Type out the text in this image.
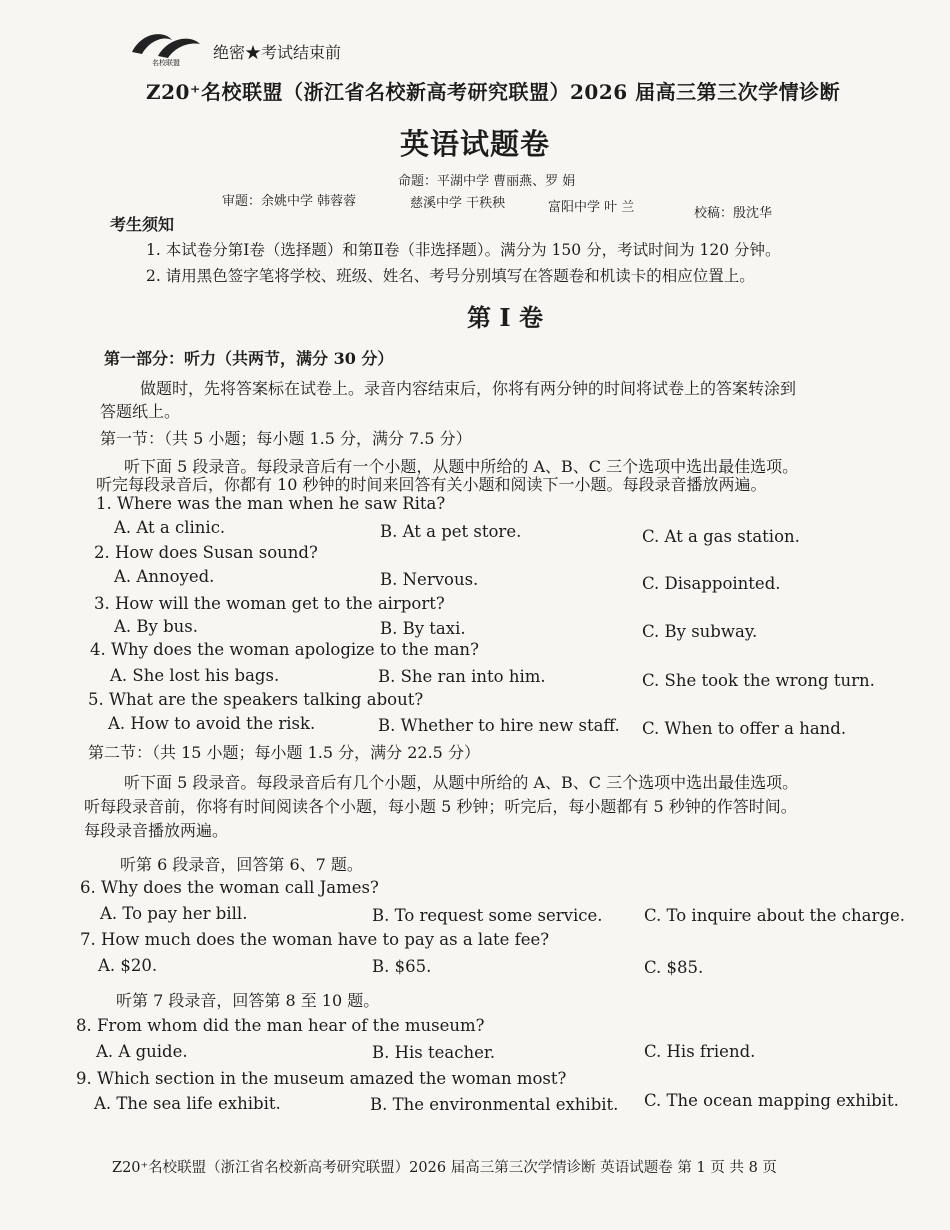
名校联盟
绝密★考试结束前
Z20⁺名校联盟（浙江省名校新高考研究联盟）2026 届高三第三次学情诊断
英语试题卷
命题：平湖中学 曹丽燕、罗 娟
审题：余姚中学 韩蓉蓉	慈溪中学 干秩秧	富阳中学 叶 兰	校稿：殷沈华
考生须知
1. 本试卷分第Ⅰ卷（选择题）和第Ⅱ卷（非选择题）。满分为 150 分，考试时间为 120 分钟。
2. 请用黑色签字笔将学校、班级、姓名、考号分别填写在答题卷和机读卡的相应位置上。
第 Ⅰ 卷
第一部分：听力（共两节，满分 30 分）
做题时，先将答案标在试卷上。录音内容结束后，你将有两分钟的时间将试卷上的答案转涂到
答题纸上。
第一节：（共 5 小题；每小题 1.5 分，满分 7.5 分）
听下面 5 段录音。每段录音后有一个小题，从题中所给的 A、B、C 三个选项中选出最佳选项。
听完每段录音后，你都有 10 秒钟的时间来回答有关小题和阅读下一小题。每段录音播放两遍。
1. Where was the man when he saw Rita?
A. At a clinic.	B. At a pet store.	C. At a gas station.
2. How does Susan sound?
A. Annoyed.	B. Nervous.	C. Disappointed.
3. How will the woman get to the airport?
A. By bus.	B. By taxi.	C. By subway.
4. Why does the woman apologize to the man?
A. She lost his bags.	B. She ran into him.	C. She took the wrong turn.
5. What are the speakers talking about?
A. How to avoid the risk.	B. Whether to hire new staff. C. When to offer a hand.
第二节：（共 15 小题；每小题 1.5 分，满分 22.5 分）
听下面 5 段录音。每段录音后有几个小题，从题中所给的 A、B、C 三个选项中选出最佳选项。
听每段录音前，你将有时间阅读各个小题，每小题 5 秒钟；听完后，每小题都有 5 秒钟的作答时间。
每段录音播放两遍。
听第 6 段录音，回答第 6、7 题。
6. Why does the woman call James?
A. To pay her bill.	B. To request some service.	C. To inquire about the charge.
7. How much does the woman have to pay as a late fee?
A. $20.	B. $65.	C. $85.
听第 7 段录音，回答第 8 至 10 题。
8. From whom did the man hear of the museum?
A. A guide.	B. His teacher.	C. His friend.
9. Which section in the museum amazed the woman most?
A. The sea life exhibit.	B. The environmental exhibit. C. The ocean mapping exhibit.
Z20⁺名校联盟（浙江省名校新高考研究联盟）2026 届高三第三次学情诊断 英语试题卷 第 1 页 共 8 页
